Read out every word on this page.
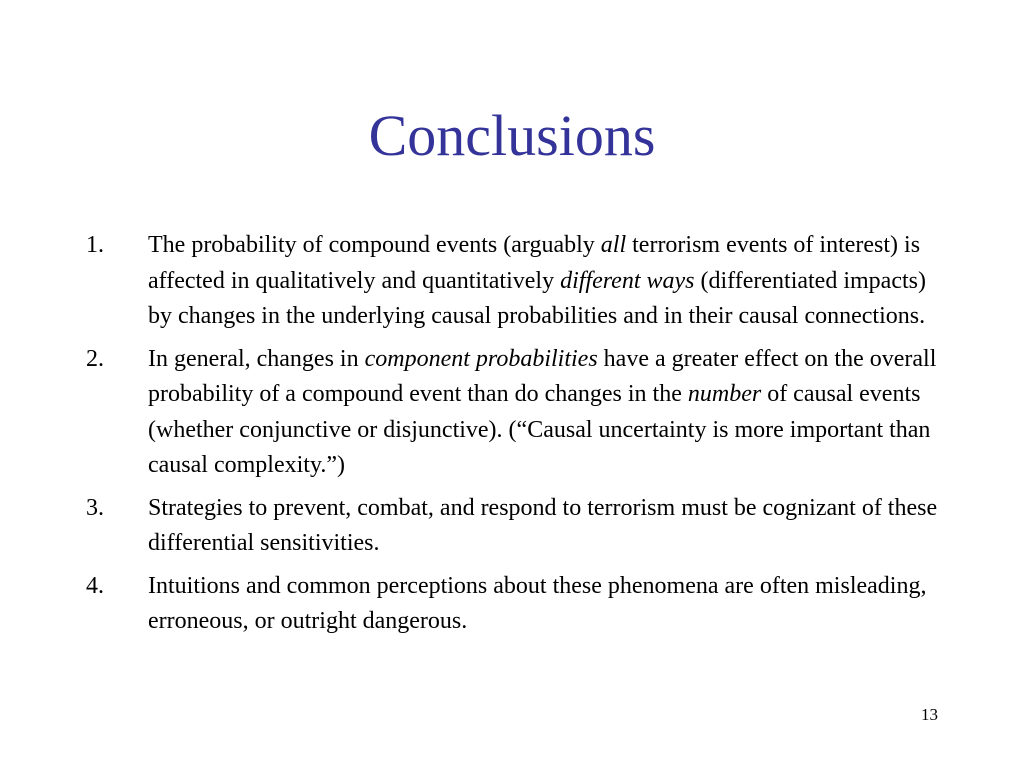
Conclusions
1. The probability of compound events (arguably all terrorism events of interest) is affected in qualitatively and quantitatively different ways (differentiated impacts) by changes in the underlying causal probabilities and in their causal connections.
2. In general, changes in component probabilities have a greater effect on the overall probability of a compound event than do changes in the number of causal events (whether conjunctive or disjunctive). (“Causal uncertainty is more important than causal complexity.”)
3. Strategies to prevent, combat, and respond to terrorism must be cognizant of these differential sensitivities.
4. Intuitions and common perceptions about these phenomena are often misleading, erroneous, or outright dangerous.
13
